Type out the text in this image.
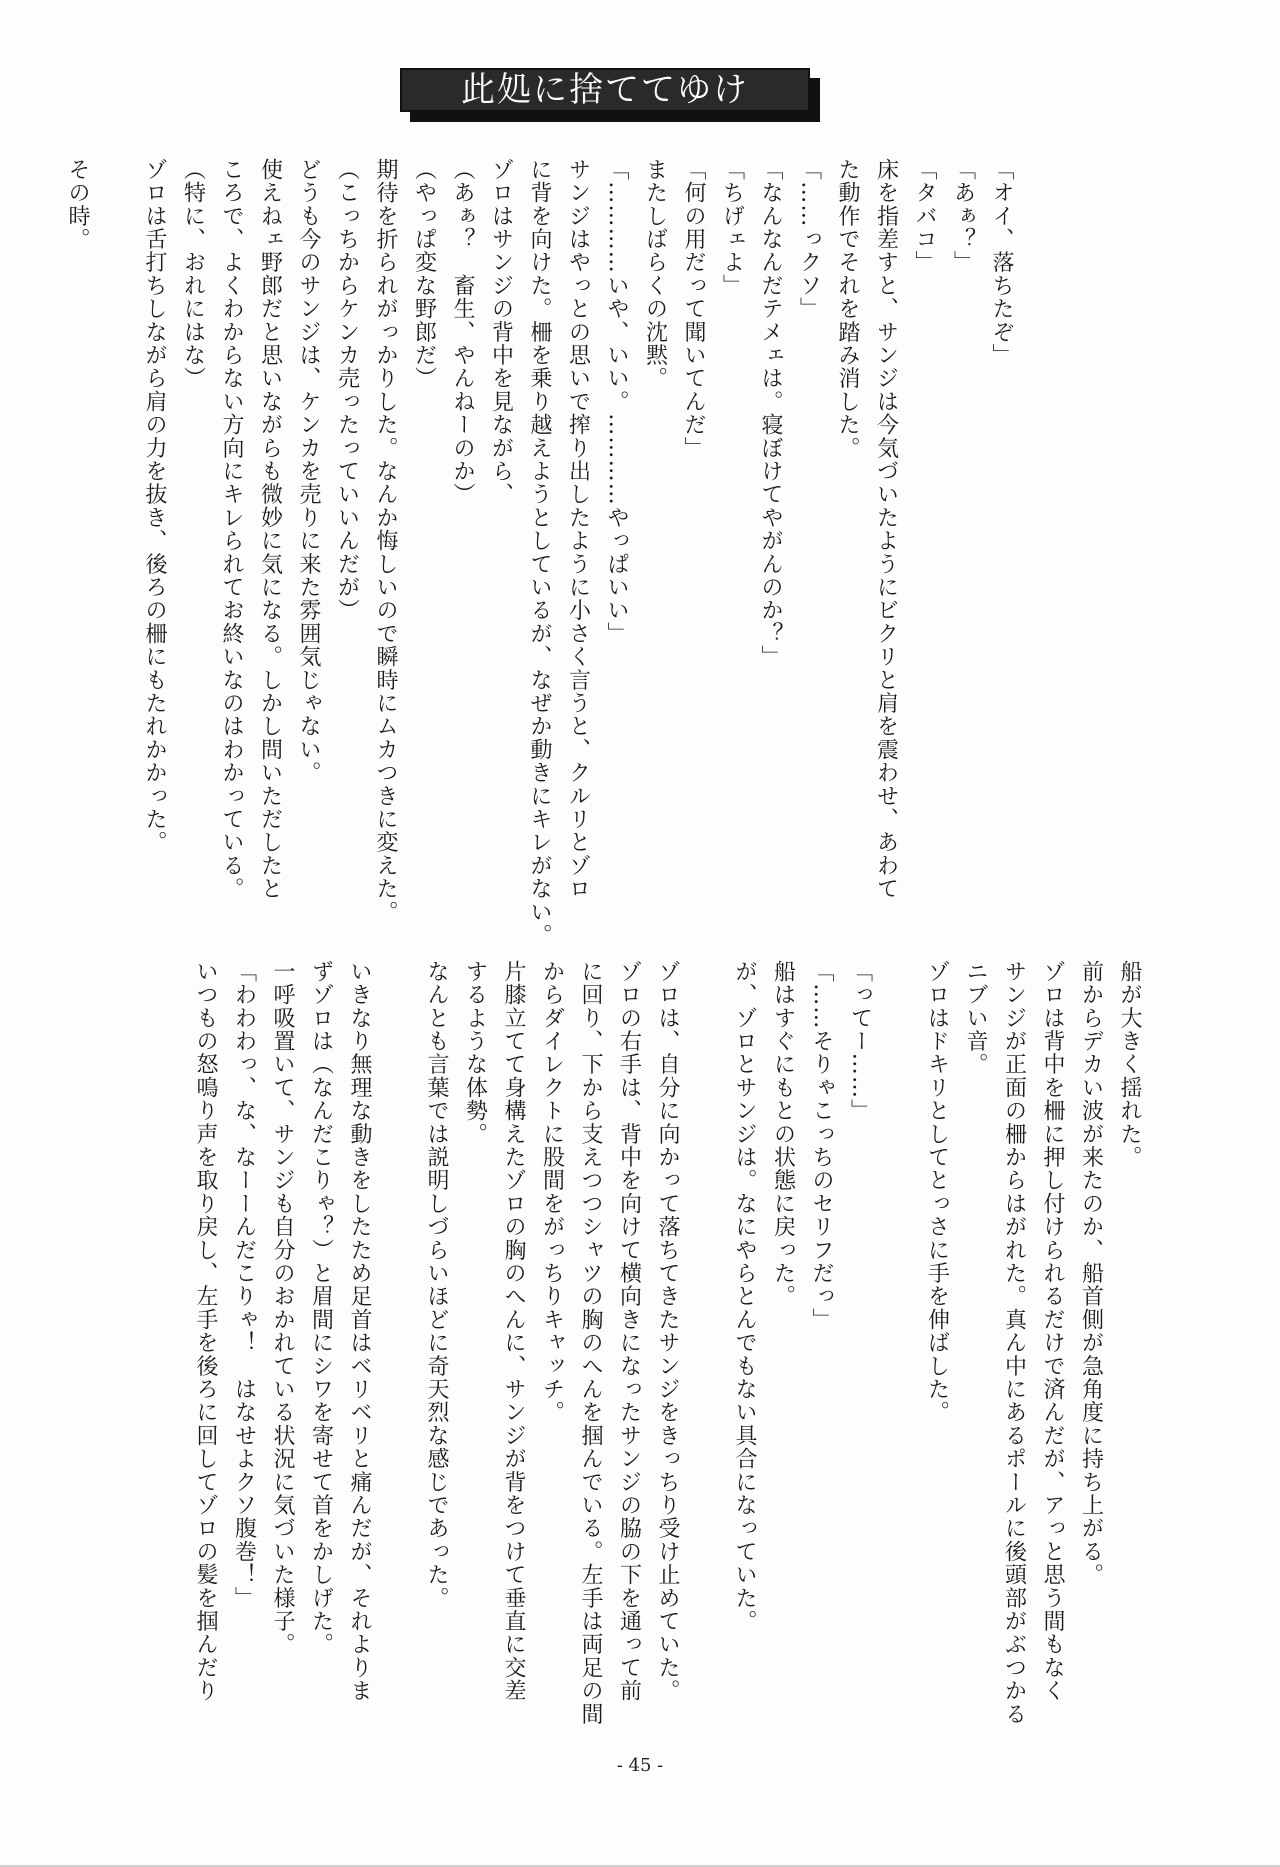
此処に捨ててゆけ
「オイ、落ちたぞ」
「あぁ？」
「タバコ」
床を指差すと、サンジは今気づいたようにビクリと肩を震わせ、あわて
た動作でそれを踏み消した。
「……っクソ」
「なんなんだテメェは。寝ぼけてやがんのか？」
「ちげェよ」
「何の用だって聞いてんだ」
またしばらくの沈黙。
「…………いや、いい。…………やっぱいい」
サンジはやっとの思いで搾り出したように小さく言うと、クルリとゾロ
に背を向けた。柵を乗り越えようとしているが、なぜか動きにキレがない。
ゾロはサンジの背中を見ながら、
（あぁ？　畜生、やんねーのか）
（やっぱ変な野郎だ）
期待を折られがっかりした。なんか悔しいので瞬時にムカつきに変えた。
（こっちからケンカ売ったっていいんだが）
どうも今のサンジは、ケンカを売りに来た雰囲気じゃない。
使えねェ野郎だと思いながらも微妙に気になる。しかし問いただしたと
ころで、よくわからない方向にキレられてお終いなのはわかっている。
（特に、おれにはな）
ゾロは舌打ちしながら肩の力を抜き、後ろの柵にもたれかかった。

その時。
船が大きく揺れた。
前からデカい波が来たのか、船首側が急角度に持ち上がる。
ゾロは背中を柵に押し付けられるだけで済んだが、アっと思う間もなく
サンジが正面の柵からはがれた。真ん中にあるポールに後頭部がぶつかる
ニブい音。
ゾロはドキリとしてとっさに手を伸ばした。

「ってー……」
「……そりゃこっちのセリフだっ」
船はすぐにもとの状態に戻った。
が、ゾロとサンジは。なにやらとんでもない具合になっていた。

ゾロは、自分に向かって落ちてきたサンジをきっちり受け止めていた。
ゾロの右手は、背中を向けて横向きになったサンジの脇の下を通って前
に回り、下から支えつつシャツの胸のへんを掴んでいる。左手は両足の間
からダイレクトに股間をがっちりキャッチ。
片膝立てて身構えたゾロの胸のへんに、サンジが背をつけて垂直に交差
するような体勢。
なんとも言葉では説明しづらいほどに奇天烈な感じであった。

いきなり無理な動きをしたため足首はベリベリと痛んだが、それよりま
ずゾロは（なんだこりゃ？）と眉間にシワを寄せて首をかしげた。
一呼吸置いて、サンジも自分のおかれている状況に気づいた様子。
「わわわっ、な、なーーんだこりゃ！　はなせよクソ腹巻！」
いつもの怒鳴り声を取り戻し、左手を後ろに回してゾロの髪を掴んだり
- 45 -
